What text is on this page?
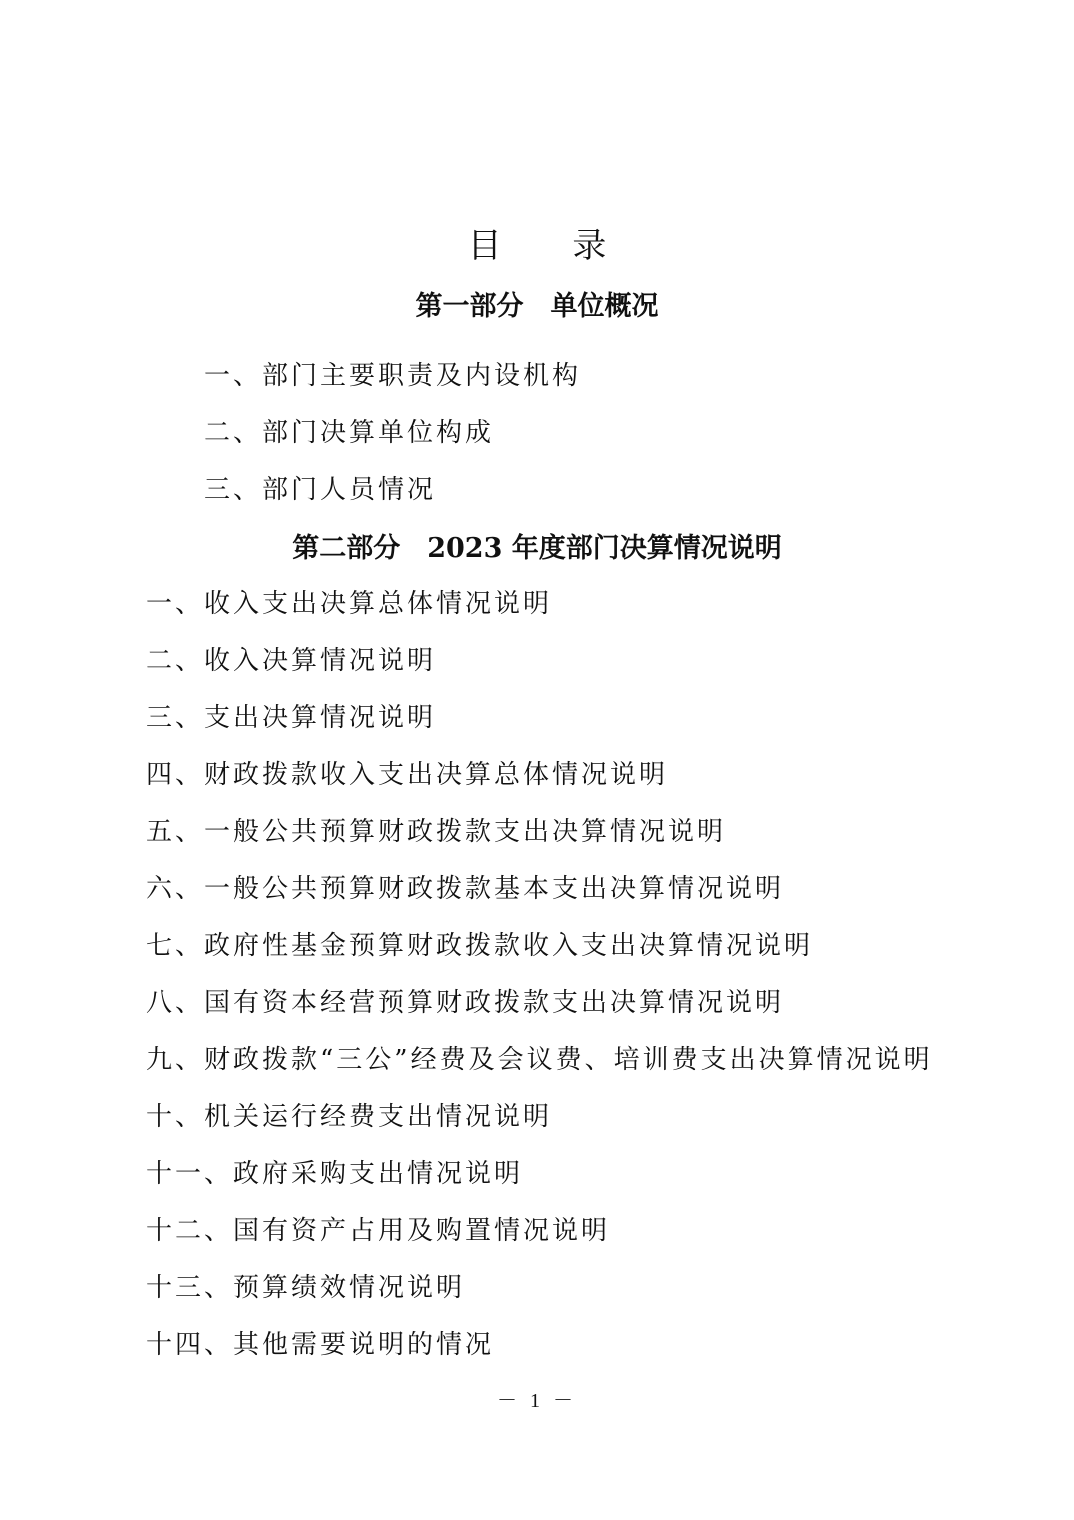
目 录
第一部分　单位概况

一、部门主要职责及内设机构

二、部门决算单位构成

三、部门人员情况

第二部分　2023 年度部门决算情况说明

一、收入支出决算总体情况说明

二、收入决算情况说明

三、支出决算情况说明

四、财政拨款收入支出决算总体情况说明

五、一般公共预算财政拨款支出决算情况说明

六、一般公共预算财政拨款基本支出决算情况说明

七、政府性基金预算财政拨款收入支出决算情况说明

八、国有资本经营预算财政拨款支出决算情况说明

九、财政拨款“三公”经费及会议费、培训费支出决算情况说明

十、机关运行经费支出情况说明

十一、政府采购支出情况说明

十二、国有资产占用及购置情况说明

十三、预算绩效情况说明

十四、其他需要说明的情况

－ 1 －
